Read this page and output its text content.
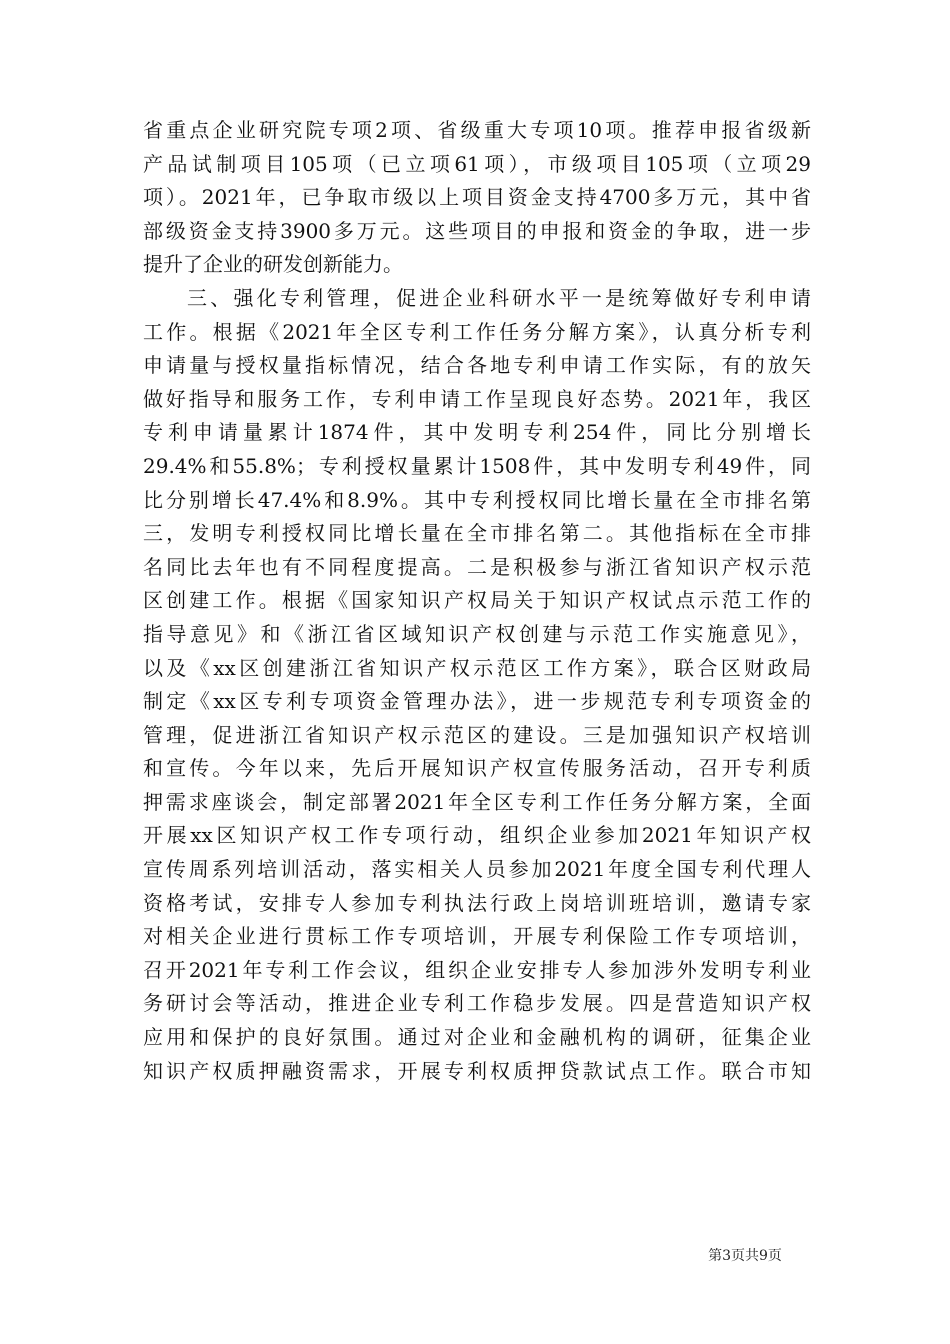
省重点企业研究院专项2项、省级重大专项10项。推荐申报省级新
产品试制项目105项（已立项61项），市级项目105项（立项29
项）。2021年，已争取市级以上项目资金支持4700多万元，其中省
部级资金支持3900多万元。这些项目的申报和资金的争取，进一步
提升了企业的研发创新能力。
三、强化专利管理，促进企业科研水平一是统筹做好专利申请
工作。根据《2021年全区专利工作任务分解方案》，认真分析专利
申请量与授权量指标情况，结合各地专利申请工作实际，有的放矢
做好指导和服务工作，专利申请工作呈现良好态势。2021年，我区
专利申请量累计1874件，其中发明专利254件，同比分别增长
29.4%和55.8%；专利授权量累计1508件，其中发明专利49件，同
比分别增长47.4%和8.9%。其中专利授权同比增长量在全市排名第
三，发明专利授权同比增长量在全市排名第二。其他指标在全市排
名同比去年也有不同程度提高。二是积极参与浙江省知识产权示范
区创建工作。根据《国家知识产权局关于知识产权试点示范工作的
指导意见》和《浙江省区域知识产权创建与示范工作实施意见》，
以及《xx区创建浙江省知识产权示范区工作方案》，联合区财政局
制定《xx区专利专项资金管理办法》，进一步规范专利专项资金的
管理，促进浙江省知识产权示范区的建设。三是加强知识产权培训
和宣传。今年以来，先后开展知识产权宣传服务活动，召开专利质
押需求座谈会，制定部署2021年全区专利工作任务分解方案，全面
开展xx区知识产权工作专项行动，组织企业参加2021年知识产权
宣传周系列培训活动，落实相关人员参加2021年度全国专利代理人
资格考试，安排专人参加专利执法行政上岗培训班培训，邀请专家
对相关企业进行贯标工作专项培训，开展专利保险工作专项培训，
召开2021年专利工作会议，组织企业安排专人参加涉外发明专利业
务研讨会等活动，推进企业专利工作稳步发展。四是营造知识产权
应用和保护的良好氛围。通过对企业和金融机构的调研，征集企业
知识产权质押融资需求，开展专利权质押贷款试点工作。联合市知
第3页共9页
